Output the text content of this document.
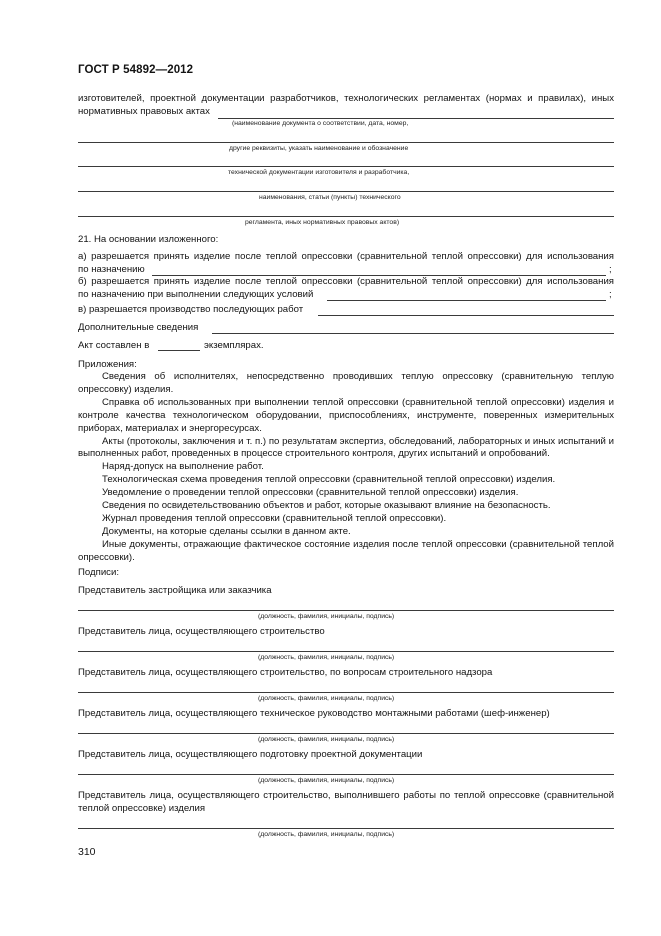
ГОСТ Р 54892—2012
изготовителей, проектной документации разработчиков, технологических регламентах (нормах и правилах), иных
нормативных правовых актах
(наименование документа о соответствии, дата, номер,
другие реквизиты, указать наименование и обозначение
технической документации изготовителя и разработчика,
наименования, статьи (пункты) технического
регламента, иных нормативных правовых актов)
21. На основании изложенного:
а) разрешается принять изделие после теплой опрессовки (сравнительной теплой опрессовки) для использования
по назначению	;
б) разрешается принять изделие после теплой опрессовки (сравнительной теплой опрессовки) для использования
по назначению при выполнении следующих условий	;
в) разрешается производство последующих работ
Дополнительные сведения
Акт составлен в	экземплярах.
Приложения:
Сведения об исполнителях, непосредственно проводивших теплую опрессовку (сравнительную теплую опрессовку) изделия.
Справка об использованных при выполнении теплой опрессовки (сравнительной теплой опрессовки) изделия и контроле качества технологическом оборудовании, приспособлениях, инструменте, поверенных измерительных приборах, материалах и энергоресурсах.
Акты (протоколы, заключения и т. п.) по результатам экспертиз, обследований, лабораторных и иных испытаний и выполненных работ, проведенных в процессе строительного контроля, других испытаний и опробований.
Наряд-допуск на выполнение работ.
Технологическая схема проведения теплой опрессовки (сравнительной теплой опрессовки) изделия.
Уведомление о проведении теплой опрессовки (сравнительной теплой опрессовки) изделия.
Сведения по освидетельствованию объектов и работ, которые оказывают влияние на безопасность.
Журнал проведения теплой опрессовки (сравнительной теплой опрессовки).
Документы, на которые сделаны ссылки в данном акте.
Иные документы, отражающие фактическое состояние изделия после теплой опрессовки (сравнительной теплой опрессовки).
Подписи:
Представитель застройщика или заказчика
(должность, фамилия, инициалы, подпись)
Представитель лица, осуществляющего строительство
(должность, фамилия, инициалы, подпись)
Представитель лица, осуществляющего строительство, по вопросам строительного надзора
(должность, фамилия, инициалы, подпись)
Представитель лица, осуществляющего техническое руководство монтажными работами (шеф-инженер)
(должность, фамилия, инициалы, подпись)
Представитель лица, осуществляющего подготовку проектной документации
(должность, фамилия, инициалы, подпись)
Представитель лица, осуществляющего строительство, выполнившего работы по теплой опрессовке (сравнительной теплой опрессовке) изделия
(должность, фамилия, инициалы, подпись)
310
